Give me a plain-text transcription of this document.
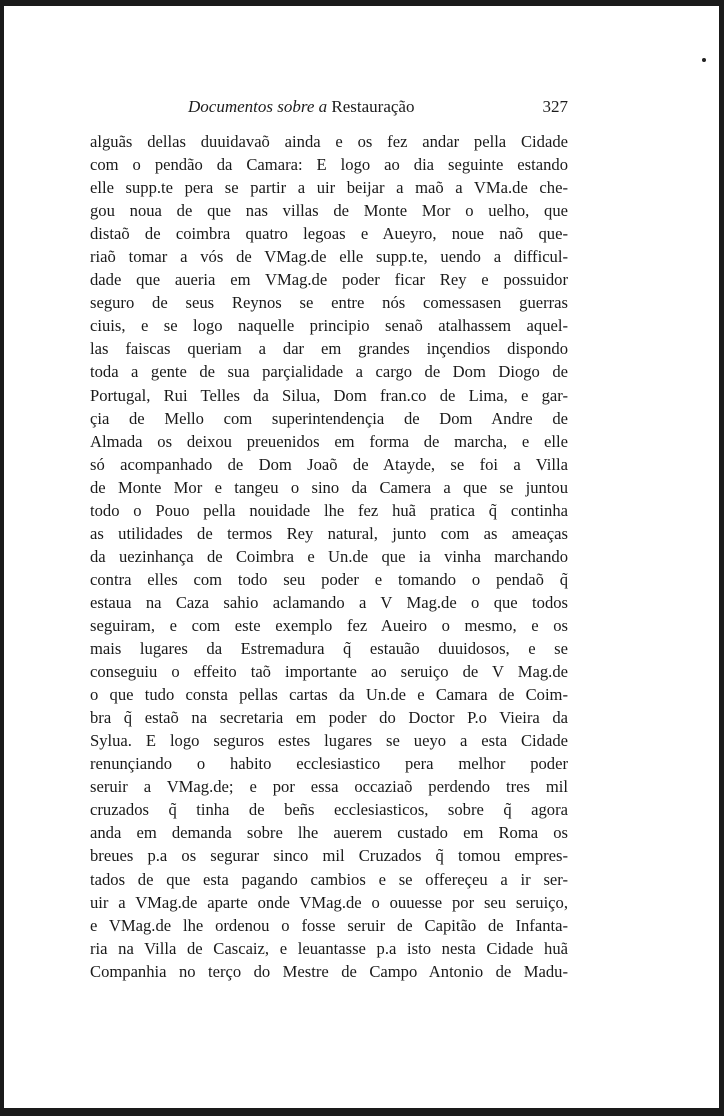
Documentos sobre a Restauração	327
alguãs dellas duuidavaõ ainda e os fez andar pella Cidade
com o pendão da Camara: E logo ao dia seguinte estando
elle supp.te pera se partir a uir beijar a maõ a VMa.de che-
gou noua de que nas villas de Monte Mor o uelho, que
distaõ de coimbra quatro legoas e Aueyro, noue naõ que-
riaõ tomar a vós de VMag.de elle supp.te, uendo a difficul-
dade que aueria em VMag.de poder ficar Rey e possuidor
seguro de seus Reynos se entre nós comessasen guerras
ciuis, e se logo naquelle principio senaõ atalhassem aquel-
las faiscas queriam a dar em grandes inçendios dispondo
toda a gente de sua parçialidade a cargo de Dom Diogo de
Portugal, Rui Telles da Silua, Dom fran.co de Lima, e gar-
çia de Mello com superintendençia de Dom Andre de
Almada os deixou preuenidos em forma de marcha, e elle
só acompanhado de Dom Joaõ de Atayde, se foi a Villa
de Monte Mor e tangeu o sino da Camera a que se juntou
todo o Pouo pella nouidade lhe fez huã pratica q̃ continha
as utilidades de termos Rey natural, junto com as ameaças
da uezinhança de Coimbra e Un.de que ia vinha marchando
contra elles com todo seu poder e tomando o pendaõ q̃
estaua na Caza sahio aclamando a V Mag.de o que todos
seguiram, e com este exemplo fez Aueiro o mesmo, e os
mais lugares da Estremadura q̃ estauão duuidosos, e se
conseguiu o effeito taõ importante ao seruiço de V Mag.de
o que tudo consta pellas cartas da Un.de e Camara de Coim-
bra q̃ estaõ na secretaria em poder do Doctor P.o Vieira da
Sylua. E logo seguros estes lugares se ueyo a esta Cidade
renunçiando o habito ecclesiastico pera melhor poder
seruir a VMag.de; e por essa occaziaõ perdendo tres mil
cruzados q̃ tinha de beñs ecclesiasticos, sobre q̃ agora
anda em demanda sobre lhe auerem custado em Roma os
breues p.a os segurar sinco mil Cruzados q̃ tomou empres-
tados de que esta pagando cambios e se offereçeu a ir ser-
uir a VMag.de aparte onde VMag.de o ouuesse por seu seruiço,
e VMag.de lhe ordenou o fosse seruir de Capitão de Infanta-
ria na Villa de Cascaiz, e leuantasse p.a isto nesta Cidade huã
Companhia no terço do Mestre de Campo Antonio de Madu-
